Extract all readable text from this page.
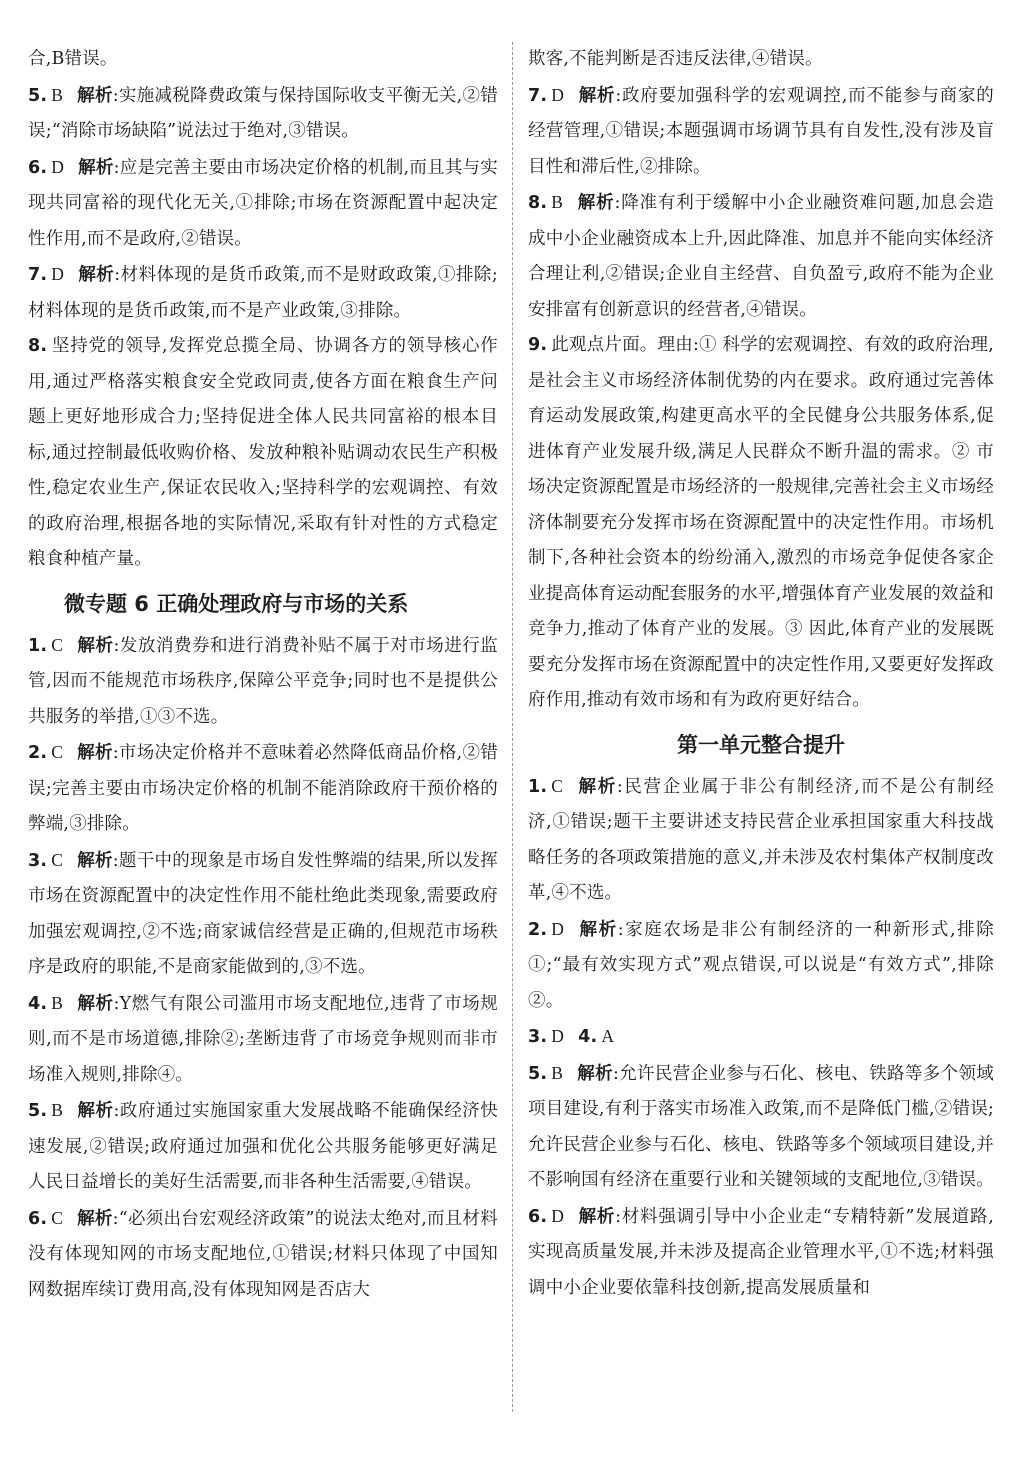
合,B错误。

5. B 解析:实施减税降费政策与保持国际收支平衡无关,②错误;“消除市场缺陷”说法过于绝对,③错误。

6. D 解析:应是完善主要由市场决定价格的机制,而且其与实现共同富裕的现代化无关,①排除;市场在资源配置中起决定性作用,而不是政府,②错误。

7. D 解析:材料体现的是货币政策,而不是财政政策,①排除;材料体现的是货币政策,而不是产业政策,③排除。

8. 坚持党的领导,发挥党总揽全局、协调各方的领导核心作用,通过严格落实粮食安全党政同责,使各方面在粮食生产问题上更好地形成合力;坚持促进全体人民共同富裕的根本目标,通过控制最低收购价格、发放种粮补贴调动农民生产积极性,稳定农业生产,保证农民收入;坚持科学的宏观调控、有效的政府治理,根据各地的实际情况,采取有针对性的方式稳定粮食种植产量。

微专题 6 正确处理政府与市场的关系

1. C 解析:发放消费券和进行消费补贴不属于对市场进行监管,因而不能规范市场秩序,保障公平竞争;同时也不是提供公共服务的举措,①③不选。

2. C 解析:市场决定价格并不意味着必然降低商品价格,②错误;完善主要由市场决定价格的机制不能消除政府干预价格的弊端,③排除。

3. C 解析:题干中的现象是市场自发性弊端的结果,所以发挥市场在资源配置中的决定性作用不能杜绝此类现象,需要政府加强宏观调控,②不选;商家诚信经营是正确的,但规范市场秩序是政府的职能,不是商家能做到的,③不选。

4. B 解析:Y燃气有限公司滥用市场支配地位,违背了市场规则,而不是市场道德,排除②;垄断违背了市场竞争规则而非市场准入规则,排除④。

5. B 解析:政府通过实施国家重大发展战略不能确保经济快速发展,②错误;政府通过加强和优化公共服务能够更好满足人民日益增长的美好生活需要,而非各种生活需要,④错误。

6. C 解析:“必须出台宏观经济政策”的说法太绝对,而且材料没有体现知网的市场支配地位,①错误;材料只体现了中国知网数据库续订费用高,没有体现知网是否店大

欺客,不能判断是否违反法律,④错误。

7. D 解析:政府要加强科学的宏观调控,而不能参与商家的经营管理,①错误;本题强调市场调节具有自发性,没有涉及盲目性和滞后性,②排除。

8. B 解析:降准有利于缓解中小企业融资难问题,加息会造成中小企业融资成本上升,因此降准、加息并不能向实体经济合理让利,②错误;企业自主经营、自负盈亏,政府不能为企业安排富有创新意识的经营者,④错误。

9. 此观点片面。理由:① 科学的宏观调控、有效的政府治理,是社会主义市场经济体制优势的内在要求。政府通过完善体育运动发展政策,构建更高水平的全民健身公共服务体系,促进体育产业发展升级,满足人民群众不断升温的需求。② 市场决定资源配置是市场经济的一般规律,完善社会主义市场经济体制要充分发挥市场在资源配置中的决定性作用。市场机制下,各种社会资本的纷纷涌入,激烈的市场竞争促使各家企业提高体育运动配套服务的水平,增强体育产业发展的效益和竞争力,推动了体育产业的发展。③ 因此,体育产业的发展既要充分发挥市场在资源配置中的决定性作用,又要更好发挥政府作用,推动有效市场和有为政府更好结合。

第一单元整合提升

1. C 解析:民营企业属于非公有制经济,而不是公有制经济,①错误;题干主要讲述支持民营企业承担国家重大科技战略任务的各项政策措施的意义,并未涉及农村集体产权制度改革,④不选。

2. D 解析:家庭农场是非公有制经济的一种新形式,排除①;“最有效实现方式”观点错误,可以说是“有效方式”,排除②。

3. D 4. A

5. B 解析:允许民营企业参与石化、核电、铁路等多个领域项目建设,有利于落实市场准入政策,而不是降低门槛,②错误;允许民营企业参与石化、核电、铁路等多个领域项目建设,并不影响国有经济在重要行业和关键领域的支配地位,③错误。

6. D 解析:材料强调引导中小企业走“专精特新”发展道路,实现高质量发展,并未涉及提高企业管理水平,①不选;材料强调中小企业要依靠科技创新,提高发展质量和
